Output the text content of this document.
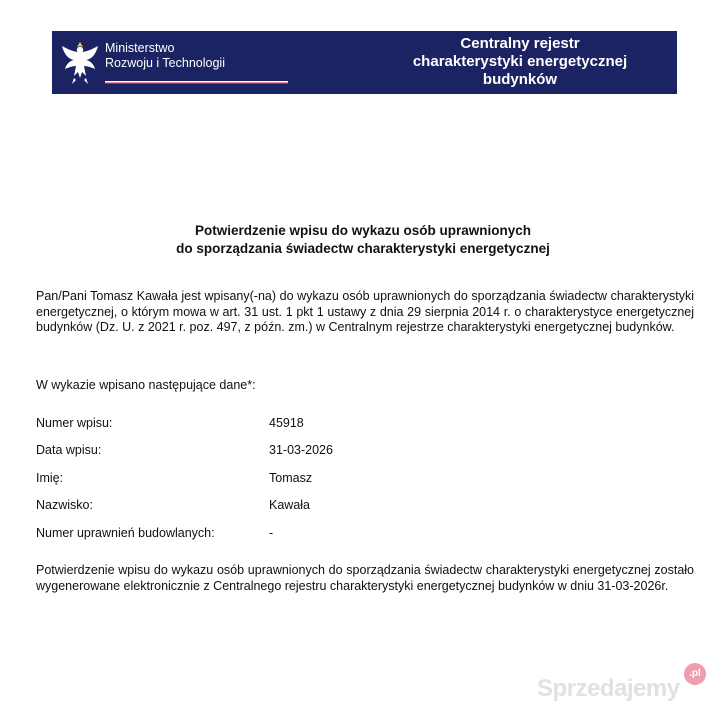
Ministerstwo
Rozwoju i Technologii
Centralny rejestr
charakterystyki energetycznej
budynków
Potwierdzenie wpisu do wykazu osób uprawnionych
do sporządzania świadectw charakterystyki energetycznej
Pan/Pani Tomasz Kawała jest wpisany(-na) do wykazu osób uprawnionych do sporządzania świadectw charakterystyki energetycznej, o którym mowa w art. 31 ust. 1 pkt 1 ustawy z dnia 29 sierpnia 2014 r. o charakterystyce energetycznej budynków (Dz. U. z 2021 r. poz. 497, z późn. zm.) w Centralnym rejestrze charakterystyki energetycznej budynków.
W wykazie wpisano następujące dane*:
Numer wpisu:	45918
Data wpisu:	31-03-2026
Imię:	Tomasz
Nazwisko:	Kawała
Numer uprawnień budowlanych:	-
Potwierdzenie wpisu do wykazu osób uprawnionych do sporządzania świadectw charakterystyki energetycznej zostało wygenerowane elektronicznie z Centralnego rejestru charakterystyki energetycznej budynków w dniu 31-03-2026r.
Sprzedajemy
.pl
